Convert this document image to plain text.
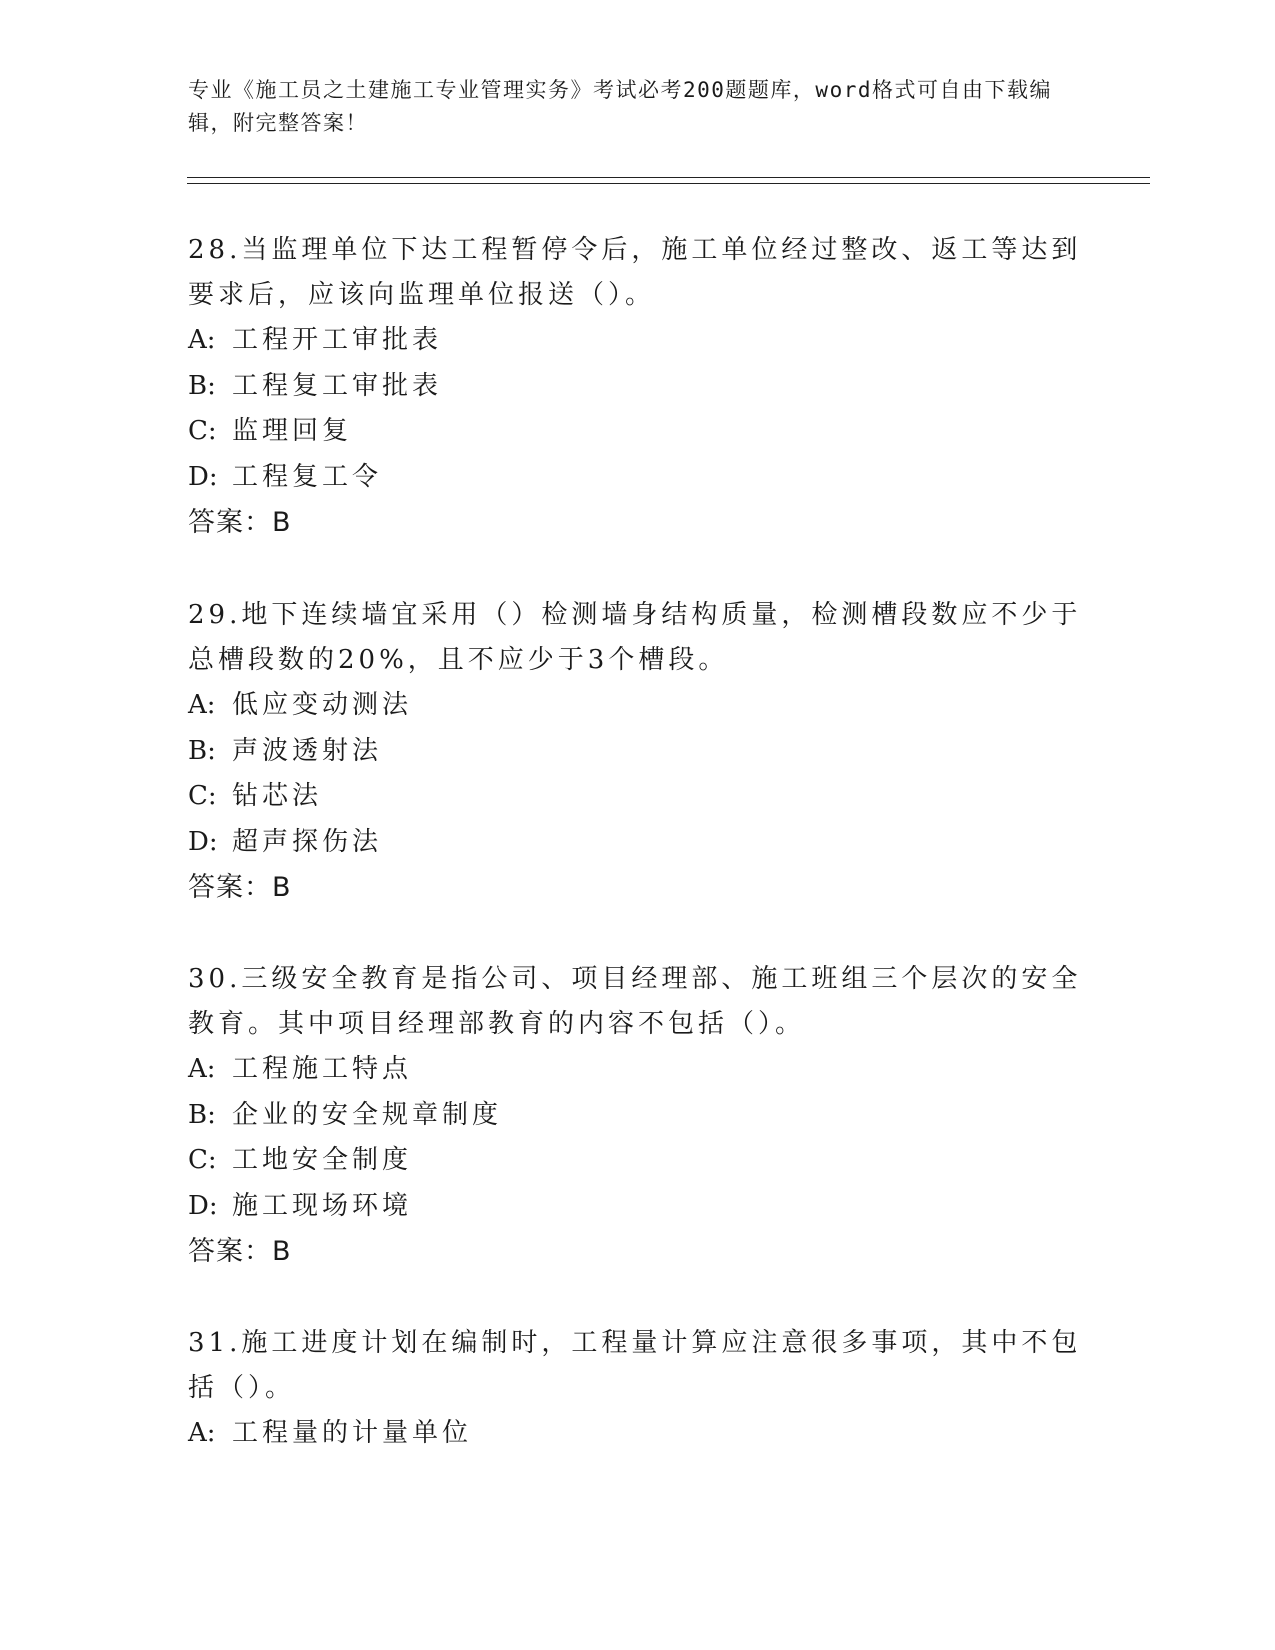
专业《施工员之土建施工专业管理实务》考试必考200题题库，word格式可自由下载编辑，附完整答案！

28.当监理单位下达工程暂停令后，施工单位经过整改、返工等达到要求后，应该向监理单位报送（）。

A: 工程开工审批表

B: 工程复工审批表

C: 监理回复

D: 工程复工令

答案：B

29.地下连续墙宜采用（）检测墙身结构质量，检测槽段数应不少于总槽段数的20%，且不应少于3个槽段。

A: 低应变动测法

B: 声波透射法

C: 钻芯法

D: 超声探伤法

答案：B

30.三级安全教育是指公司、项目经理部、施工班组三个层次的安全教育。其中项目经理部教育的内容不包括（）。

A: 工程施工特点

B: 企业的安全规章制度

C: 工地安全制度

D: 施工现场环境

答案：B

31.施工进度计划在编制时，工程量计算应注意很多事项，其中不包括（）。

A: 工程量的计量单位
